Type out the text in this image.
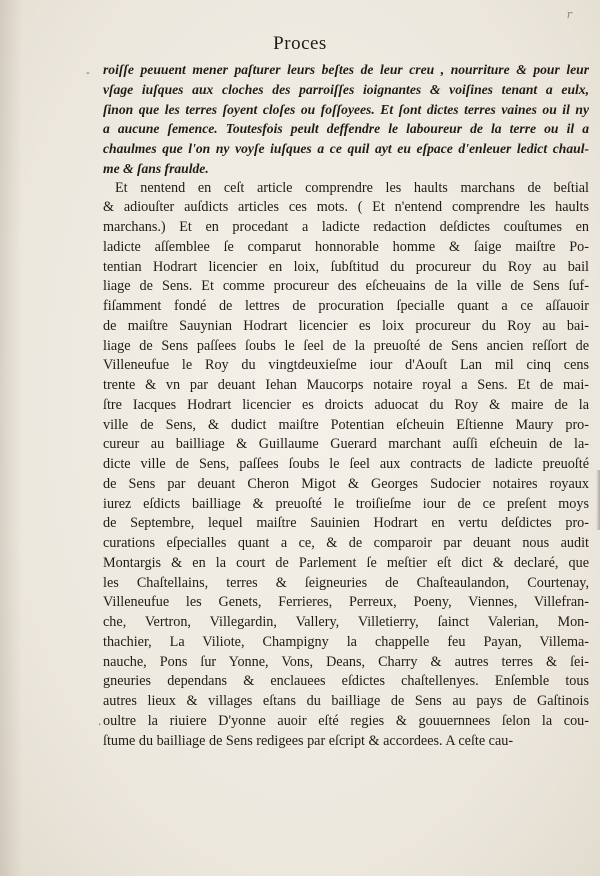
r
Proces
-
·
roiſſe peuuent mener paſturer leurs beſtes de leur creu , nourriture & pour leur
vſage iuſques aux cloches des parroiſſes ioignantes & voiſines tenant a eulx,
ſinon que les terres ſoyent cloſes ou foſſoyees. Et ſont dictes terres vaines ou il ny
a aucune ſemence. Toutesfois peult deffendre le laboureur de la terre ou il a
chaulmes que l'on ny voyſe iuſques a ce quil ayt eu eſpace d'enleuer ledict chaul-
me & ſans fraulde.
Et nentend en ceſt article comprendre les haults marchans de beſtial
& adiouſter auſdicts articles ces mots. ( Et n'entend comprendre les haults
marchans.) Et en procedant a ladicte redaction deſdictes couſtumes en
ladicte aſſemblee ſe comparut honnorable homme & ſaige maiſtre Po-
tentian Hodrart licencier en loix, ſubſtitud du procureur du Roy au bail
liage de Sens. Et comme procureur des eſcheuains de la ville de Sens ſuf-
fiſamment fondé de lettres de procuration ſpecialle quant a ce aſſauoir
de maiſtre Sauynian Hodrart licencier es loix procureur du Roy au bai-
liage de Sens paſſees ſoubs le ſeel de la preuoſté de Sens ancien reſſort de
Villeneufue le Roy du vingtdeuxieſme iour d'Aouſt Lan mil cinq cens
trente & vn par deuant Iehan Maucorps notaire royal a Sens. Et de mai-
ſtre Iacques Hodrart licencier es droicts aduocat du Roy & maire de la
ville de Sens, & dudict maiſtre Potentian eſcheuin Eſtienne Maury pro-
cureur au bailliage & Guillaume Guerard marchant auſſi eſcheuin de la-
dicte ville de Sens, paſſees ſoubs le ſeel aux contracts de ladicte preuoſté
de Sens par deuant Cheron Migot & Georges Sudocier notaires royaux
iurez eſdicts bailliage & preuoſté le troiſieſme iour de ce preſent moys
de Septembre, lequel maiſtre Sauinien Hodrart en vertu deſdictes pro-
curations eſpecialles quant a ce, & de comparoir par deuant nous audit
Montargis & en la court de Parlement ſe meſtier eſt dict & declaré, que
les Chaſtellains, terres & ſeigneuries de Chaſteaulandon, Courtenay,
Villeneufue les Genets, Ferrieres, Perreux, Poeny, Viennes, Villefran-
che, Vertron, Villegardin, Vallery, Villetierry, ſainct Valerian, Mon-
thachier, La Viliote, Champigny la chappelle feu Payan, Villema-
nauche, Pons ſur Yonne, Vons, Deans, Charry & autres terres & ſei-
gneuries dependans & enclauees eſdictes chaſtellenyes. Enſemble tous
autres lieux & villages eſtans du bailliage de Sens au pays de Gaſtinois
oultre la riuiere D'yonne auoir eſté regies & gouuernnees ſelon la cou-
ſtume du bailliage de Sens redigees par eſcript & accordees. A ceſte cau-
